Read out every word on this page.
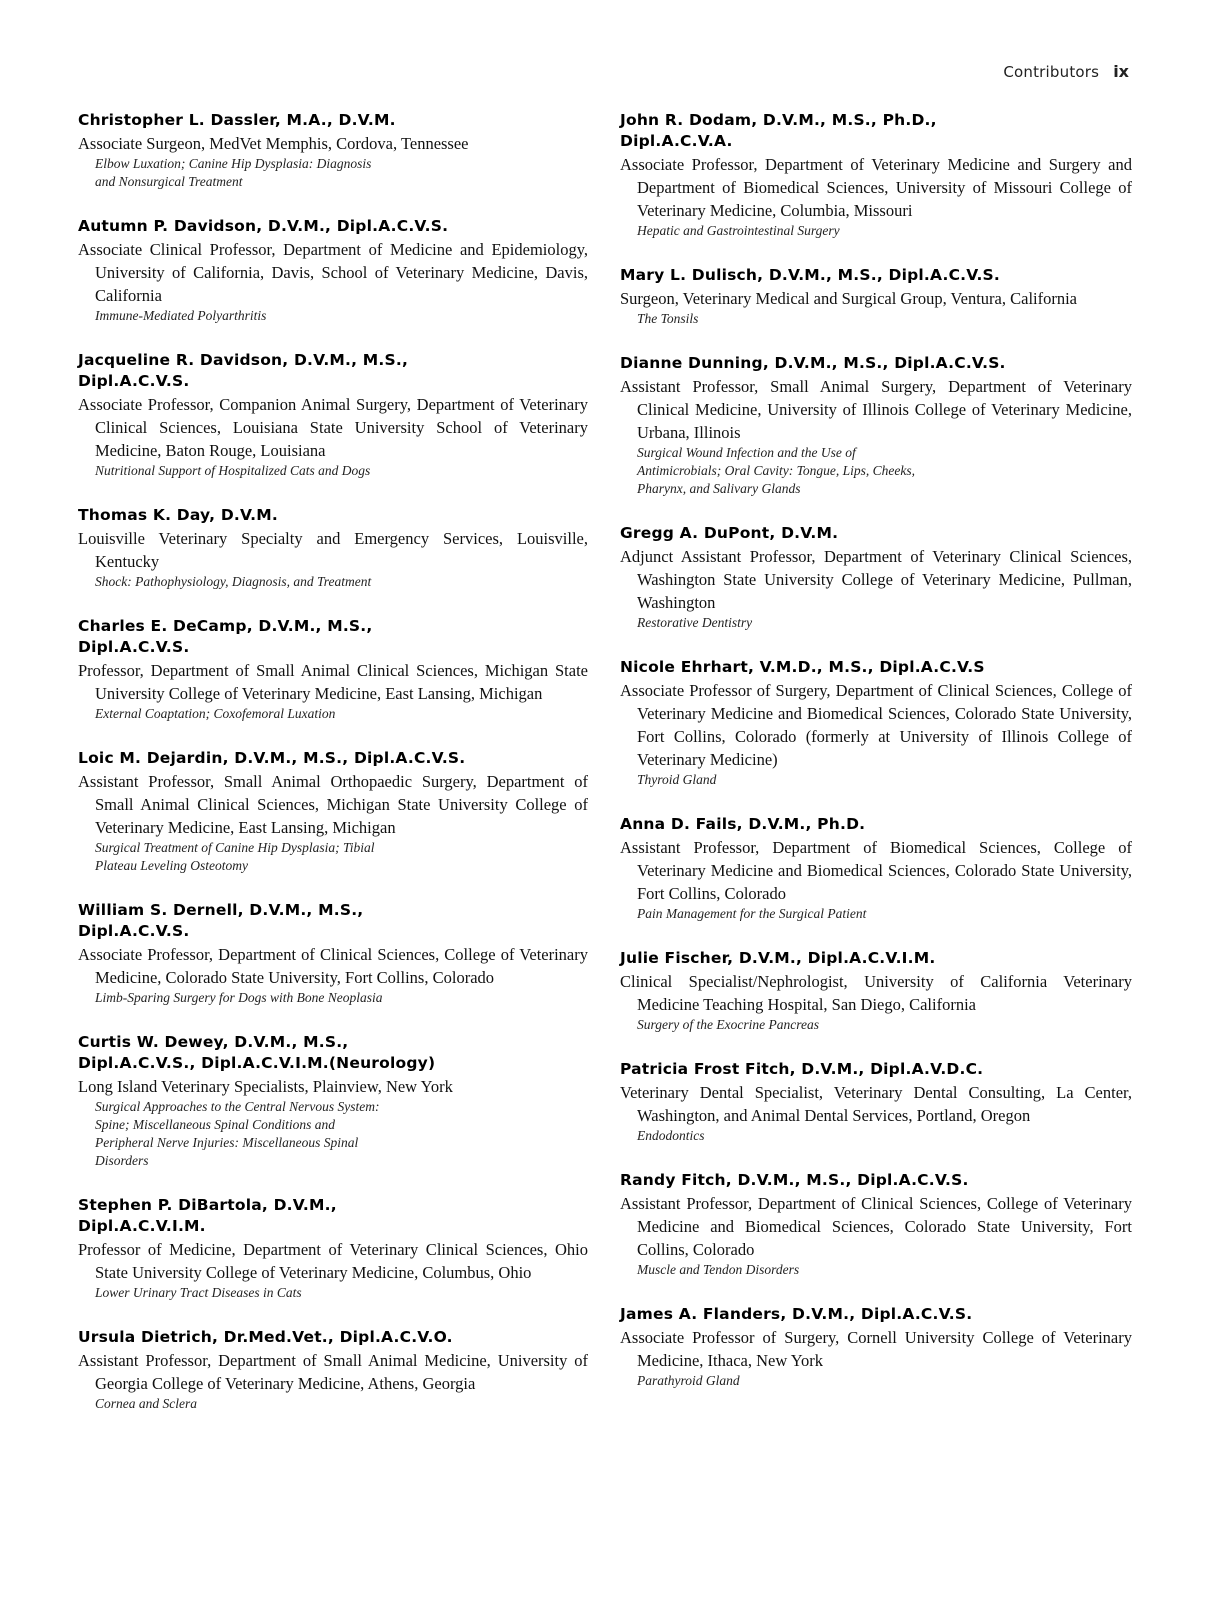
Contributors ix
Christopher L. Dassler, M.A., D.V.M.
Associate Surgeon, MedVet Memphis, Cordova, Tennessee
Elbow Luxation; Canine Hip Dysplasia: Diagnosis
and Nonsurgical Treatment
Autumn P. Davidson, D.V.M., Dipl.A.C.V.S.
Associate Clinical Professor, Department of Medicine and Epidemiology, University of California, Davis, School of Veterinary Medicine, Davis, California
Immune-Mediated Polyarthritis
Jacqueline R. Davidson, D.V.M., M.S.,
Dipl.A.C.V.S.
Associate Professor, Companion Animal Surgery, Department of Veterinary Clinical Sciences, Louisiana State University School of Veterinary Medicine, Baton Rouge, Louisiana
Nutritional Support of Hospitalized Cats and Dogs
Thomas K. Day, D.V.M.
Louisville Veterinary Specialty and Emergency Services, Louisville, Kentucky
Shock: Pathophysiology, Diagnosis, and Treatment
Charles E. DeCamp, D.V.M., M.S.,
Dipl.A.C.V.S.
Professor, Department of Small Animal Clinical Sciences, Michigan State University College of Veterinary Medicine, East Lansing, Michigan
External Coaptation; Coxofemoral Luxation
Loic M. Dejardin, D.V.M., M.S., Dipl.A.C.V.S.
Assistant Professor, Small Animal Orthopaedic Surgery, Department of Small Animal Clinical Sciences, Michigan State University College of Veterinary Medicine, East Lansing, Michigan
Surgical Treatment of Canine Hip Dysplasia; Tibial
Plateau Leveling Osteotomy
William S. Dernell, D.V.M., M.S.,
Dipl.A.C.V.S.
Associate Professor, Department of Clinical Sciences, College of Veterinary Medicine, Colorado State University, Fort Collins, Colorado
Limb-Sparing Surgery for Dogs with Bone Neoplasia
Curtis W. Dewey, D.V.M., M.S.,
Dipl.A.C.V.S., Dipl.A.C.V.I.M.(Neurology)
Long Island Veterinary Specialists, Plainview, New York
Surgical Approaches to the Central Nervous System:
Spine; Miscellaneous Spinal Conditions and
Peripheral Nerve Injuries: Miscellaneous Spinal
Disorders
Stephen P. DiBartola, D.V.M.,
Dipl.A.C.V.I.M.
Professor of Medicine, Department of Veterinary Clinical Sciences, Ohio State University College of Veterinary Medicine, Columbus, Ohio
Lower Urinary Tract Diseases in Cats
Ursula Dietrich, Dr.Med.Vet., Dipl.A.C.V.O.
Assistant Professor, Department of Small Animal Medicine, University of Georgia College of Veterinary Medicine, Athens, Georgia
Cornea and Sclera
John R. Dodam, D.V.M., M.S., Ph.D.,
Dipl.A.C.V.A.
Associate Professor, Department of Veterinary Medicine and Surgery and Department of Biomedical Sciences, University of Missouri College of Veterinary Medicine, Columbia, Missouri
Hepatic and Gastrointestinal Surgery
Mary L. Dulisch, D.V.M., M.S., Dipl.A.C.V.S.
Surgeon, Veterinary Medical and Surgical Group, Ventura, California
The Tonsils
Dianne Dunning, D.V.M., M.S., Dipl.A.C.V.S.
Assistant Professor, Small Animal Surgery, Department of Veterinary Clinical Medicine, University of Illinois College of Veterinary Medicine, Urbana, Illinois
Surgical Wound Infection and the Use of
Antimicrobials; Oral Cavity: Tongue, Lips, Cheeks,
Pharynx, and Salivary Glands
Gregg A. DuPont, D.V.M.
Adjunct Assistant Professor, Department of Veterinary Clinical Sciences, Washington State University College of Veterinary Medicine, Pullman, Washington
Restorative Dentistry
Nicole Ehrhart, V.M.D., M.S., Dipl.A.C.V.S
Associate Professor of Surgery, Department of Clinical Sciences, College of Veterinary Medicine and Biomedical Sciences, Colorado State University, Fort Collins, Colorado (formerly at University of Illinois College of Veterinary Medicine)
Thyroid Gland
Anna D. Fails, D.V.M., Ph.D.
Assistant Professor, Department of Biomedical Sciences, College of Veterinary Medicine and Biomedical Sciences, Colorado State University, Fort Collins, Colorado
Pain Management for the Surgical Patient
Julie Fischer, D.V.M., Dipl.A.C.V.I.M.
Clinical Specialist/Nephrologist, University of California Veterinary Medicine Teaching Hospital, San Diego, California
Surgery of the Exocrine Pancreas
Patricia Frost Fitch, D.V.M., Dipl.A.V.D.C.
Veterinary Dental Specialist, Veterinary Dental Consulting, La Center, Washington, and Animal Dental Services, Portland, Oregon
Endodontics
Randy Fitch, D.V.M., M.S., Dipl.A.C.V.S.
Assistant Professor, Department of Clinical Sciences, College of Veterinary Medicine and Biomedical Sciences, Colorado State University, Fort Collins, Colorado
Muscle and Tendon Disorders
James A. Flanders, D.V.M., Dipl.A.C.V.S.
Associate Professor of Surgery, Cornell University College of Veterinary Medicine, Ithaca, New York
Parathyroid Gland
